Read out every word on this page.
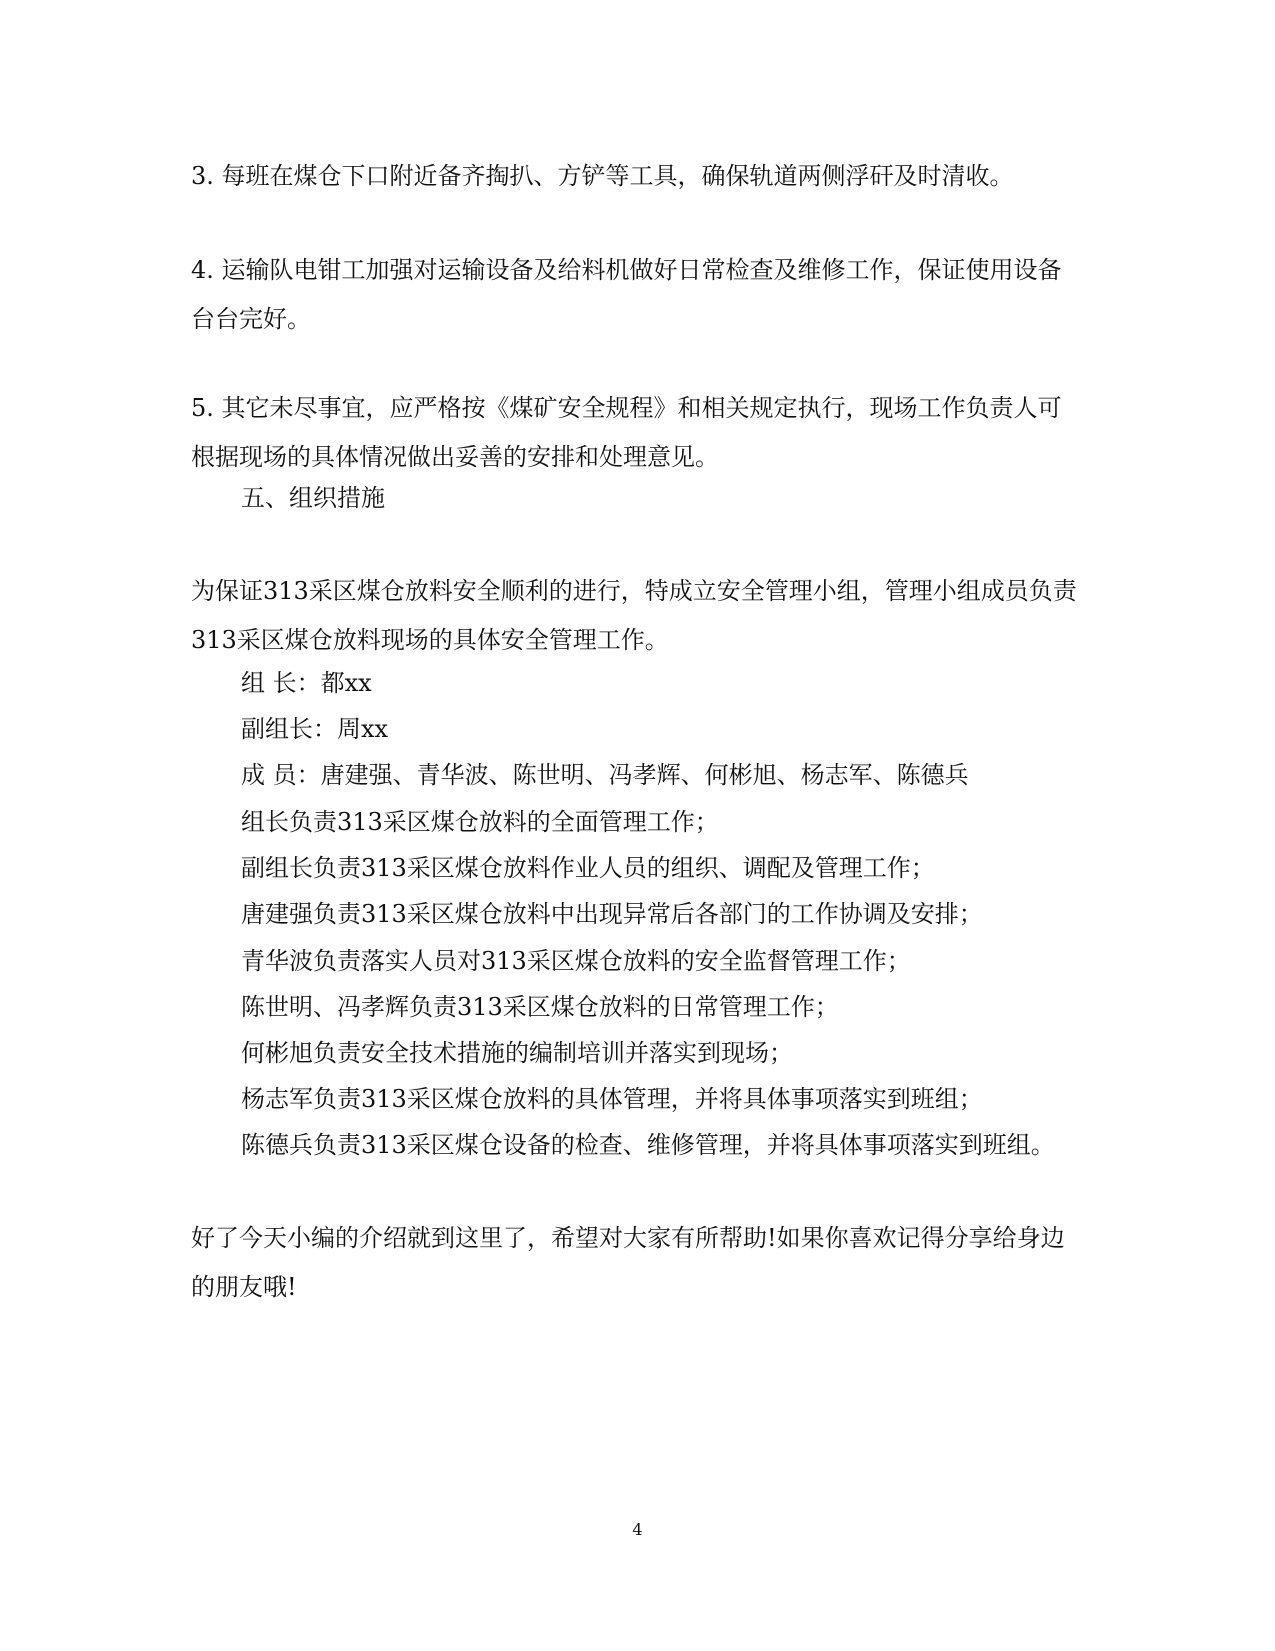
3. 每班在煤仓下口附近备齐掏扒、方铲等工具，确保轨道两侧浮矸及时清收。

4. 运输队电钳工加强对运输设备及给料机做好日常检查及维修工作，保证使用设备台台完好。

5. 其它未尽事宜，应严格按《煤矿安全规程》和相关规定执行，现场工作负责人可根据现场的具体情况做出妥善的安排和处理意见。

五、组织措施

为保证313采区煤仓放料安全顺利的进行，特成立安全管理小组，管理小组成员负责313采区煤仓放料现场的具体安全管理工作。

组 长：都xx

副组长：周xx

成 员：唐建强、青华波、陈世明、冯孝辉、何彬旭、杨志军、陈德兵

组长负责313采区煤仓放料的全面管理工作；

副组长负责313采区煤仓放料作业人员的组织、调配及管理工作；

唐建强负责313采区煤仓放料中出现异常后各部门的工作协调及安排；

青华波负责落实人员对313采区煤仓放料的安全监督管理工作；

陈世明、冯孝辉负责313采区煤仓放料的日常管理工作；

何彬旭负责安全技术措施的编制培训并落实到现场；

杨志军负责313采区煤仓放料的具体管理，并将具体事项落实到班组；

陈德兵负责313采区煤仓设备的检查、维修管理，并将具体事项落实到班组。

好了今天小编的介绍就到这里了，希望对大家有所帮助!如果你喜欢记得分享给身边的朋友哦!

4
